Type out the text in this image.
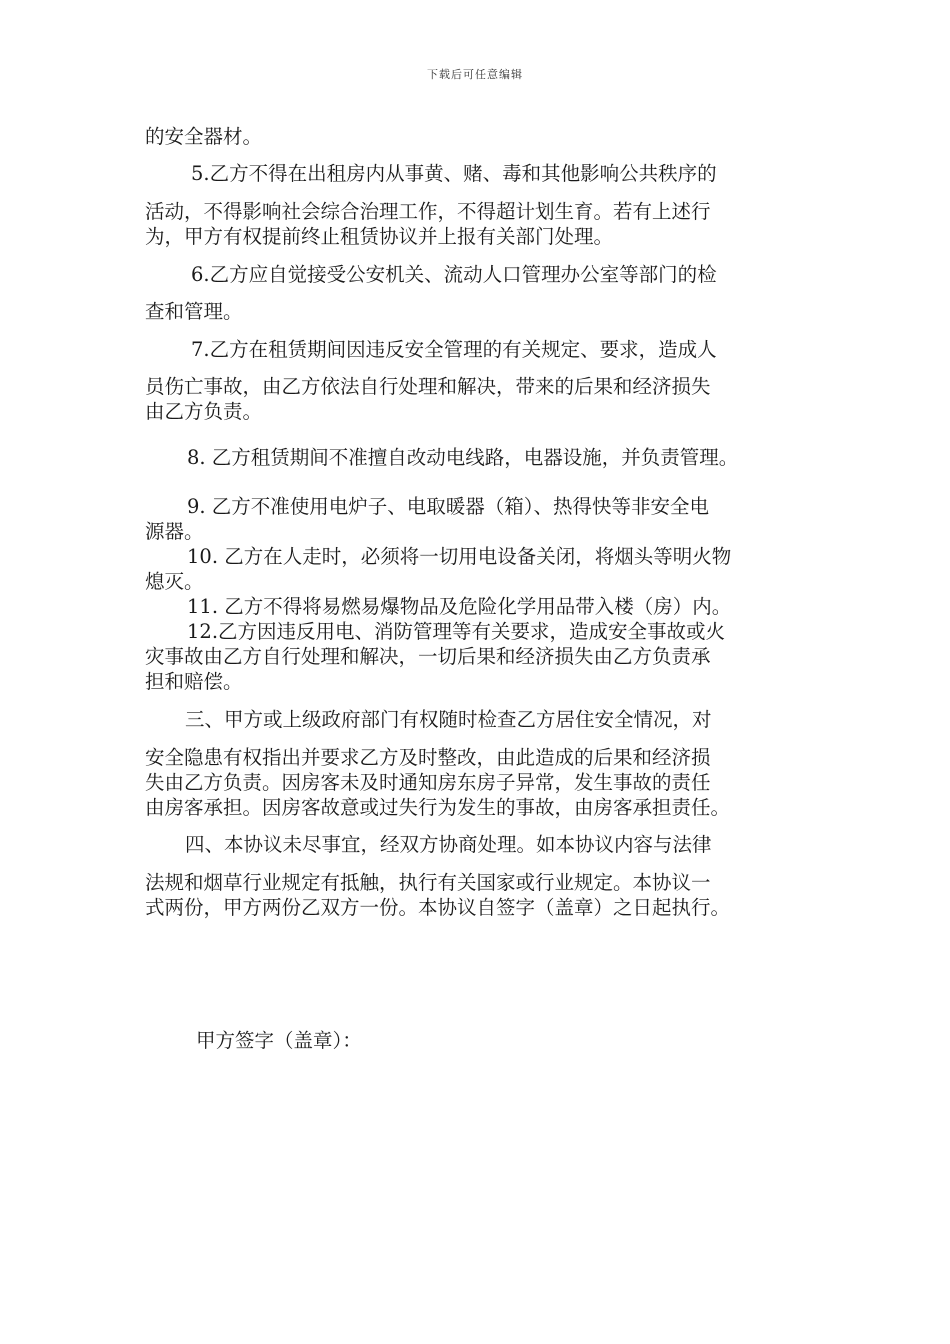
下载后可任意编辑
的安全器材。
5.乙方不得在出租房内从事黄、赌、毒和其他影响公共秩序的
活动，不得影响社会综合治理工作，不得超计划生育。若有上述行
为，甲方有权提前终止租赁协议并上报有关部门处理。
6.乙方应自觉接受公安机关、流动人口管理办公室等部门的检
查和管理。
7.乙方在租赁期间因违反安全管理的有关规定、要求，造成人
员伤亡事故，由乙方依法自行处理和解决，带来的后果和经济损失
由乙方负责。
8. 乙方租赁期间不准擅自改动电线路，电器设施，并负责管理。
9. 乙方不准使用电炉子、电取暖器（箱）、热得快等非安全电
源器。
10. 乙方在人走时，必须将一切用电设备关闭，将烟头等明火物
熄灭。
11. 乙方不得将易燃易爆物品及危险化学用品带入楼（房）内。
12.乙方因违反用电、消防管理等有关要求，造成安全事故或火
灾事故由乙方自行处理和解决，一切后果和经济损失由乙方负责承
担和赔偿。
三、甲方或上级政府部门有权随时检查乙方居住安全情况，对
安全隐患有权指出并要求乙方及时整改，由此造成的后果和经济损
失由乙方负责。因房客未及时通知房东房子异常，发生事故的责任
由房客承担。因房客故意或过失行为发生的事故，由房客承担责任。
四、本协议未尽事宜，经双方协商处理。如本协议内容与法律
法规和烟草行业规定有抵触，执行有关国家或行业规定。本协议一
式两份，甲方两份乙双方一份。本协议自签字（盖章）之日起执行。
甲方签字（盖章）：
